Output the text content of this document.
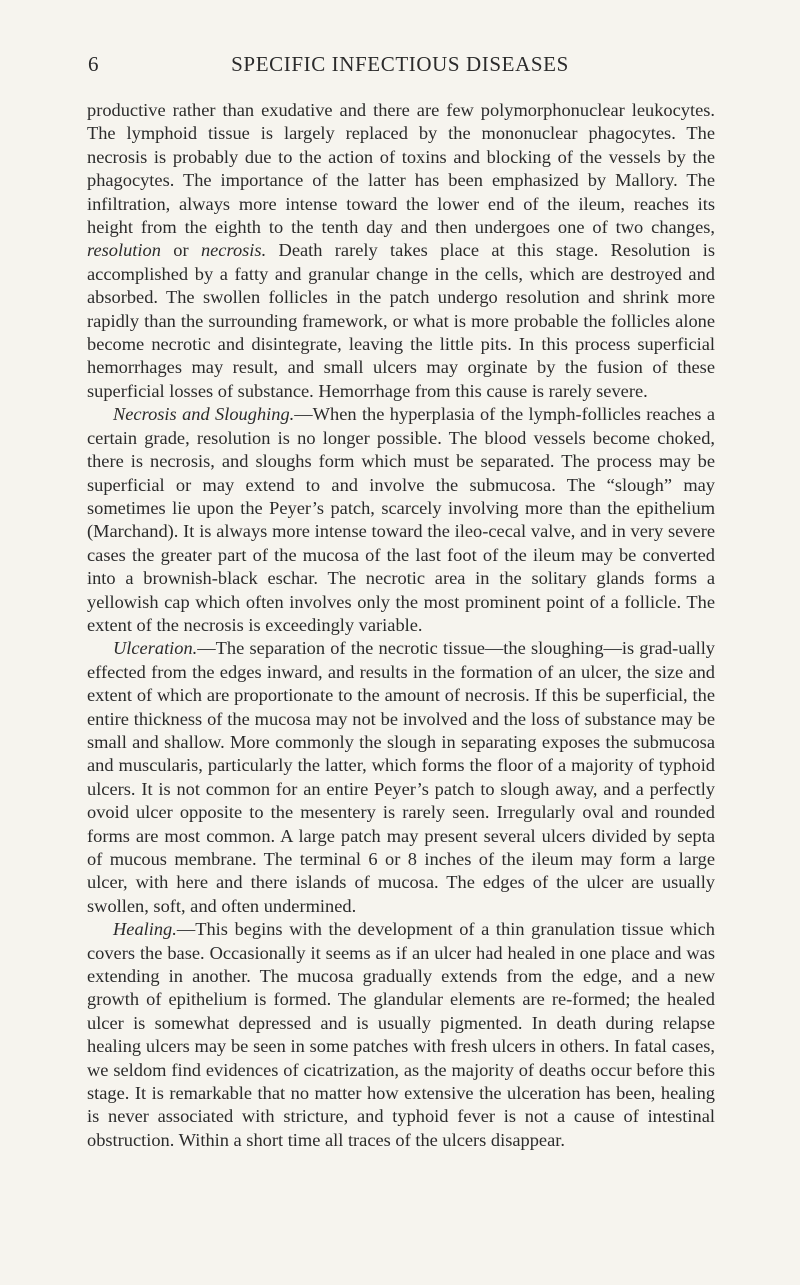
6	SPECIFIC INFECTIOUS DISEASES

productive rather than exudative and there are few polymorphonuclear leukocytes. The lymphoid tissue is largely replaced by the mononuclear phagocytes. The necrosis is probably due to the action of toxins and blocking of the vessels by the phagocytes. The importance of the latter has been emphasized by Mallory. The infiltration, always more intense toward the lower end of the ileum, reaches its height from the eighth to the tenth day and then undergoes one of two changes, resolution or necrosis. Death rarely takes place at this stage. Resolution is accomplished by a fatty and granular change in the cells, which are destroyed and absorbed. The swollen follicles in the patch undergo resolution and shrink more rapidly than the surrounding framework, or what is more probable the follicles alone become necrotic and disintegrate, leaving the little pits. In this process superficial hemorrhages may result, and small ulcers may orginate by the fusion of these superficial losses of substance. Hemorrhage from this cause is rarely severe.

Necrosis and Sloughing.—When the hyperplasia of the lymph-follicles reaches a certain grade, resolution is no longer possible. The blood vessels become choked, there is necrosis, and sloughs form which must be separated. The process may be superficial or may extend to and involve the submucosa. The “slough” may sometimes lie upon the Peyer’s patch, scarcely involving more than the epithelium (Marchand). It is always more intense toward the ileo-cecal valve, and in very severe cases the greater part of the mucosa of the last foot of the ileum may be converted into a brownish-black eschar. The necrotic area in the solitary glands forms a yellowish cap which often involves only the most prominent point of a follicle. The extent of the necrosis is exceedingly variable.

Ulceration.—The separation of the necrotic tissue—the sloughing—is grad-ually effected from the edges inward, and results in the formation of an ulcer, the size and extent of which are proportionate to the amount of necrosis. If this be superficial, the entire thickness of the mucosa may not be involved and the loss of substance may be small and shallow. More commonly the slough in separating exposes the submucosa and muscularis, particularly the latter, which forms the floor of a majority of typhoid ulcers. It is not common for an entire Peyer’s patch to slough away, and a perfectly ovoid ulcer opposite to the mesentery is rarely seen. Irregularly oval and rounded forms are most common. A large patch may present several ulcers divided by septa of mucous membrane. The terminal 6 or 8 inches of the ileum may form a large ulcer, with here and there islands of mucosa. The edges of the ulcer are usually swollen, soft, and often undermined.

Healing.—This begins with the development of a thin granulation tissue which covers the base. Occasionally it seems as if an ulcer had healed in one place and was extending in another. The mucosa gradually extends from the edge, and a new growth of epithelium is formed. The glandular elements are re-formed; the healed ulcer is somewhat depressed and is usually pigmented. In death during relapse healing ulcers may be seen in some patches with fresh ulcers in others. In fatal cases, we seldom find evidences of cicatrization, as the majority of deaths occur before this stage. It is remarkable that no matter how extensive the ulceration has been, healing is never associated with stricture, and typhoid fever is not a cause of intestinal obstruction. Within a short time all traces of the ulcers disappear.
